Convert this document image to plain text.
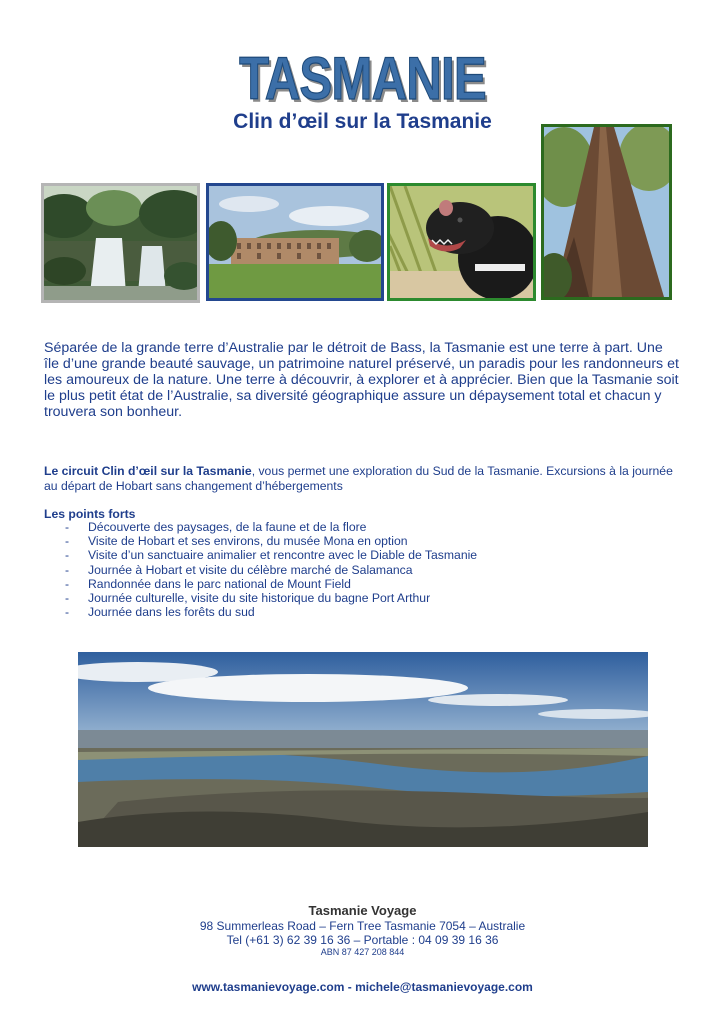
TASMANIE
Clin d’œil sur la Tasmanie

Séparée de la grande terre d’Australie par le détroit de Bass, la Tasmanie est une terre à part. Une île d’une grande beauté sauvage, un patrimoine naturel préservé, un paradis pour les randonneurs et les amoureux de la nature. Une terre à découvrir, à explorer et à apprécier. Bien que la Tasmanie soit le plus petit état de l’Australie, sa diversité géographique assure un dépaysement total et chacun y trouvera son bonheur.

Le circuit Clin d’œil sur la Tasmanie, vous permet une exploration du Sud de la Tasmanie. Excursions à la journée au départ de Hobart sans changement d’hébergements

Les points forts
- Découverte des paysages, de la faune et de la flore
- Visite de Hobart et ses environs, du musée Mona en option
- Visite d’un sanctuaire animalier et rencontre avec le Diable de Tasmanie
- Journée à Hobart et visite du célèbre marché de Salamanca
- Randonnée dans le parc national de Mount Field
- Journée culturelle, visite du site historique du bagne Port Arthur
- Journée dans les forêts du sud
Tasmanie Voyage
98 Summerleas Road – Fern Tree Tasmanie 7054 – Australie
Tel (+61 3) 62 39 16 36 – Portable : 04 09 39 16 36
ABN 87 427 208 844
www.tasmanievoyage.com - michele@tasmanievoyage.com
